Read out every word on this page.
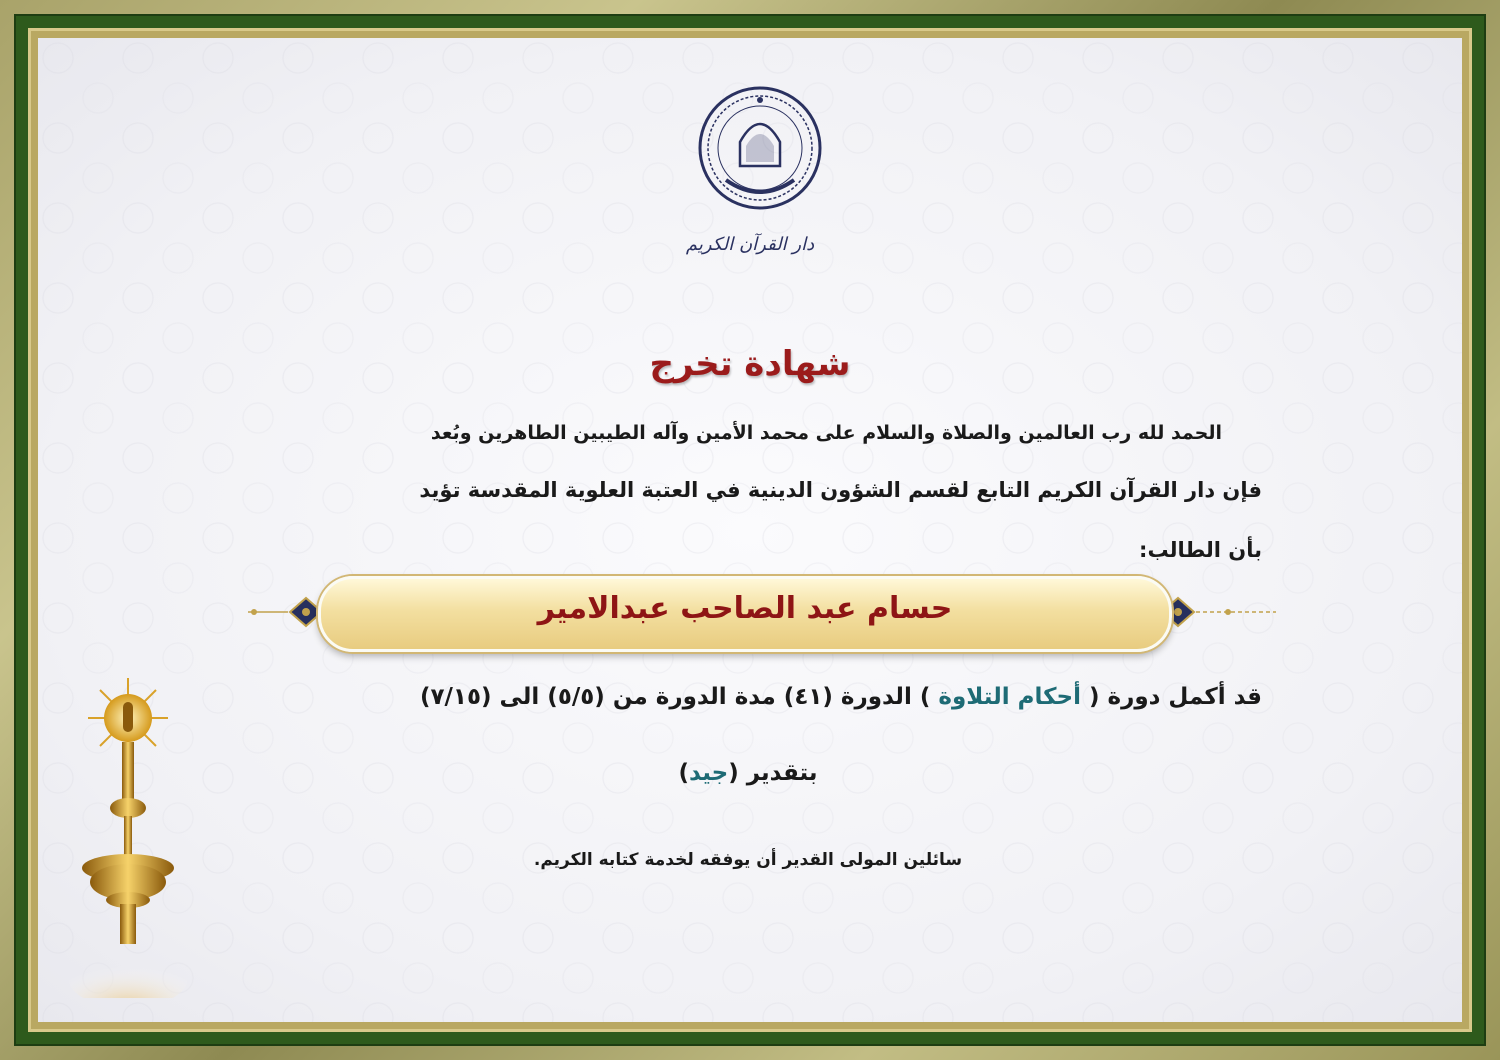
دار القرآن الكريم
شهادة تخرج
الحمد لله رب العالمين والصلاة والسلام على محمد الأمين وآله الطيبين الطاهرين وبُعد
فإن دار القرآن الكريم التابع لقسم الشؤون الدينية في العتبة العلوية المقدسة تؤيد
بأن الطالب:
حسام عبد الصاحب عبدالامير
قد أكمل دورة ( أحكام التلاوة ) الدورة (٤١) مدة الدورة من (٥/٥) الى (٧/١٥)
بتقدير (جيد)
سائلين المولى القدير أن يوفقه لخدمة كتابه الكريم.
